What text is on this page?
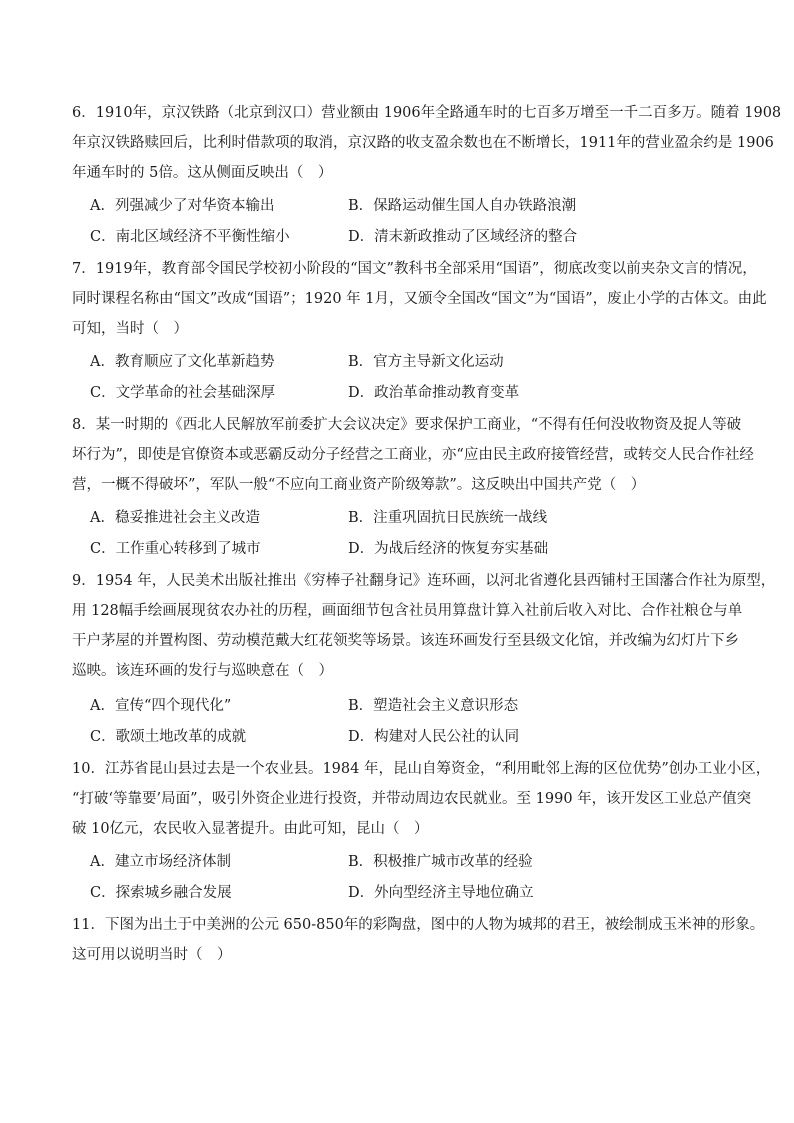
6．1910年，京汉铁路（北京到汉口）营业额由 1906年全路通车时的七百多万增至一千二百多万。随着 1908

年京汉铁路赎回后，比利时借款项的取消，京汉路的收支盈余数也在不断增长，1911年的营业盈余约是 1906

年通车时的 5倍。这从侧面反映出（　）

A．列强减少了对华资本输出	B．保路运动催生国人自办铁路浪潮
C．南北区域经济不平衡性缩小	D．清末新政推动了区域经济的整合

7．1919年，教育部令国民学校初小阶段的“国文”教科书全部采用“国语”，彻底改变以前夹杂文言的情况，

同时课程名称由“国文”改成“国语”；1920 年 1月，又颁令全国改“国文”为“国语”，废止小学的古体文。由此

可知，当时（　）

A．教育顺应了文化革新趋势	B．官方主导新文化运动
C．文学革命的社会基础深厚	D．政治革命推动教育变革

8．某一时期的《西北人民解放军前委扩大会议决定》要求保护工商业，“不得有任何没收物资及捉人等破

坏行为”，即使是官僚资本或恶霸反动分子经营之工商业，亦“应由民主政府接管经营，或转交人民合作社经

营，一概不得破坏”，军队一般“不应向工商业资产阶级筹款”。这反映出中国共产党（　）

A．稳妥推进社会主义改造	B．注重巩固抗日民族统一战线
C．工作重心转移到了城市	D．为战后经济的恢复夯实基础

9．1954 年，人民美术出版社推出《穷棒子社翻身记》连环画，以河北省遵化县西铺村王国藩合作社为原型，

用 128幅手绘画展现贫农办社的历程，画面细节包含社员用算盘计算入社前后收入对比、合作社粮仓与单

干户茅屋的并置构图、劳动模范戴大红花领奖等场景。该连环画发行至县级文化馆，并改编为幻灯片下乡

巡映。该连环画的发行与巡映意在（　）

A．宣传“四个现代化”	B．塑造社会主义意识形态
C．歌颂土地改革的成就	D．构建对人民公社的认同

10．江苏省昆山县过去是一个农业县。1984 年，昆山自筹资金，“利用毗邻上海的区位优势”创办工业小区，

“打破‘等靠要’局面”，吸引外资企业进行投资，并带动周边农民就业。至 1990 年，该开发区工业总产值突

破 10亿元，农民收入显著提升。由此可知，昆山（　）

A．建立市场经济体制	B．积极推广城市改革的经验
C．探索城乡融合发展	D．外向型经济主导地位确立

11．下图为出土于中美洲的公元 650-850年的彩陶盘，图中的人物为城邦的君王，被绘制成玉米神的形象。

这可用以说明当时（　）
